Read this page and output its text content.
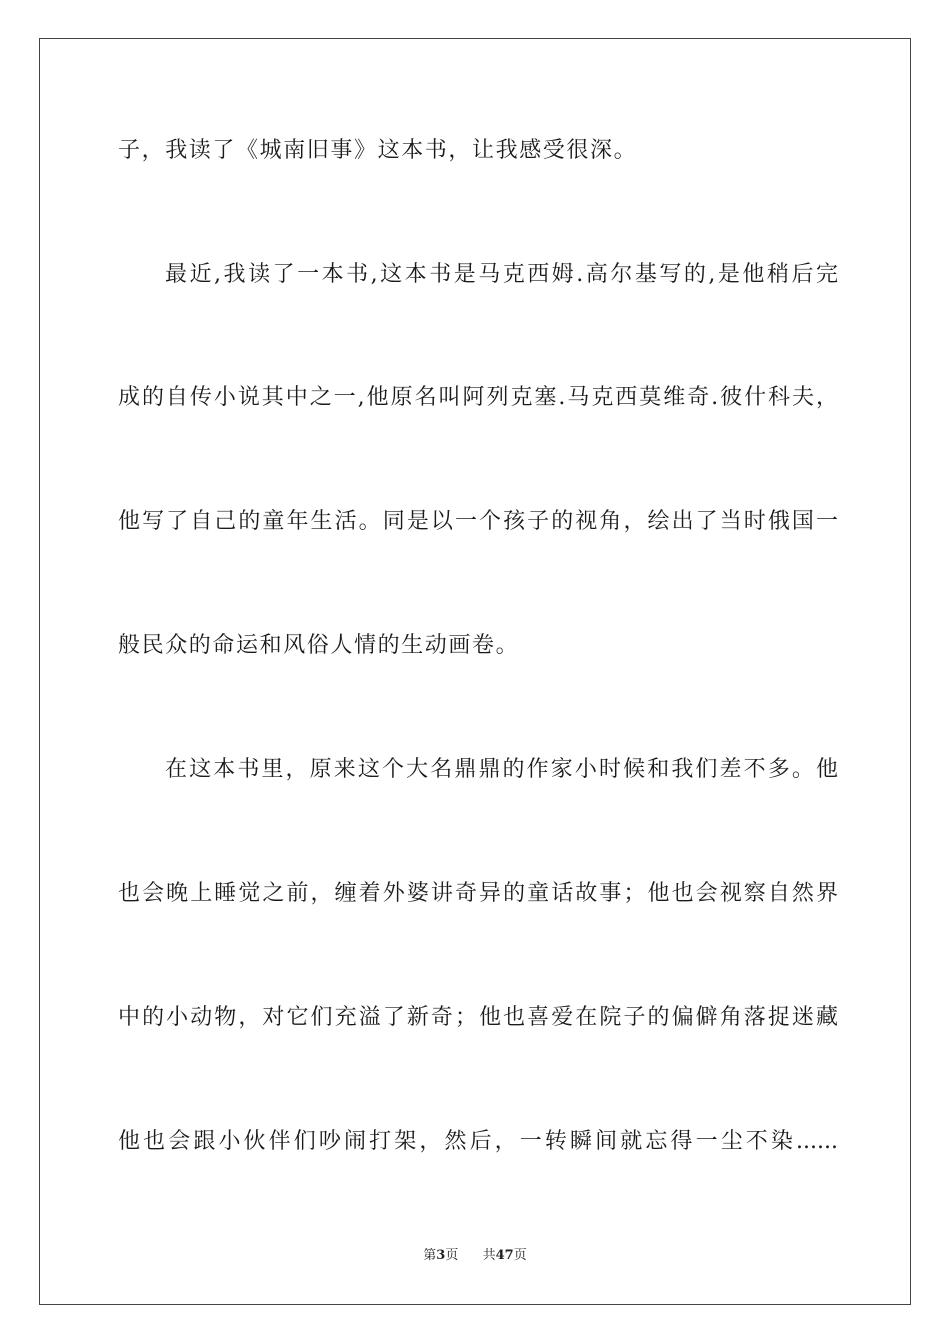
子，我读了《城南旧事》这本书，让我感受很深。
最近,我读了一本书,这本书是马克西姆.高尔基写的,是他稍后完
成的自传小说其中之一,他原名叫阿列克塞.马克西莫维奇.彼什科夫，
他写了自己的童年生活。同是以一个孩子的视角，绘出了当时俄国一
般民众的命运和风俗人情的生动画卷。
在这本书里，原来这个大名鼎鼎的作家小时候和我们差不多。他
也会晚上睡觉之前，缠着外婆讲奇异的童话故事；他也会视察自然界
中的小动物，对它们充溢了新奇；他也喜爱在院子的偏僻角落捉迷藏
他也会跟小伙伴们吵闹打架，然后，一转瞬间就忘得一尘不染......
第3页 共47页
